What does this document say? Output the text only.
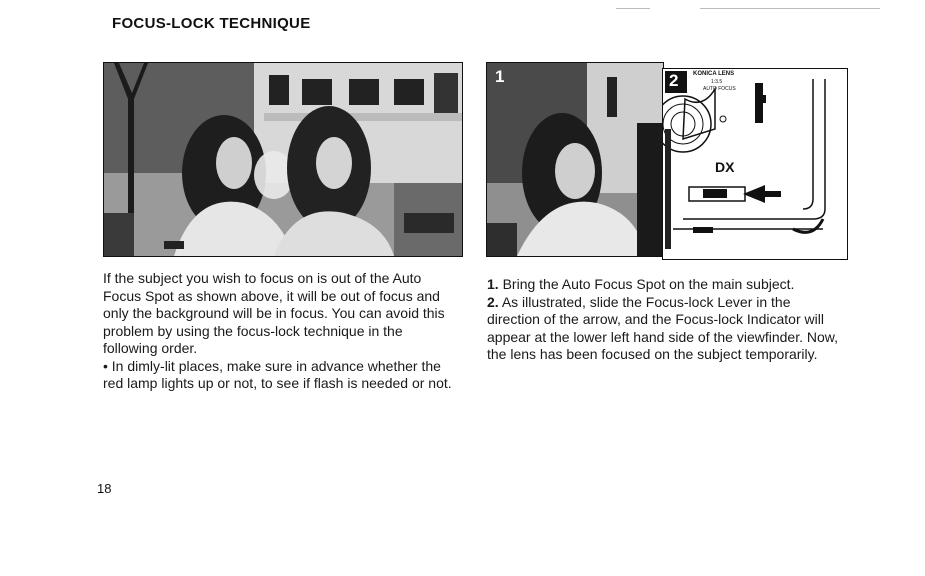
FOCUS-LOCK TECHNIQUE
1	2 KONICA LENS
1:3.5
AUTO FOCUS
DX

If the subject you wish to focus on is out of the Auto Focus Spot as shown above, it will be out of focus and only the background will be in focus. You can avoid this problem by using the focus-lock technique in the following order.

• In dimly-lit places, make sure in advance whether the red lamp lights up or not, to see if flash is needed or not.

1. Bring the Auto Focus Spot on the main subject.

2. As illustrated, slide the Focus-lock Lever in the direction of the arrow, and the Focus-lock Indicator will appear at the lower left hand side of the viewfinder. Now, the lens has been focused on the subject temporarily.

18
